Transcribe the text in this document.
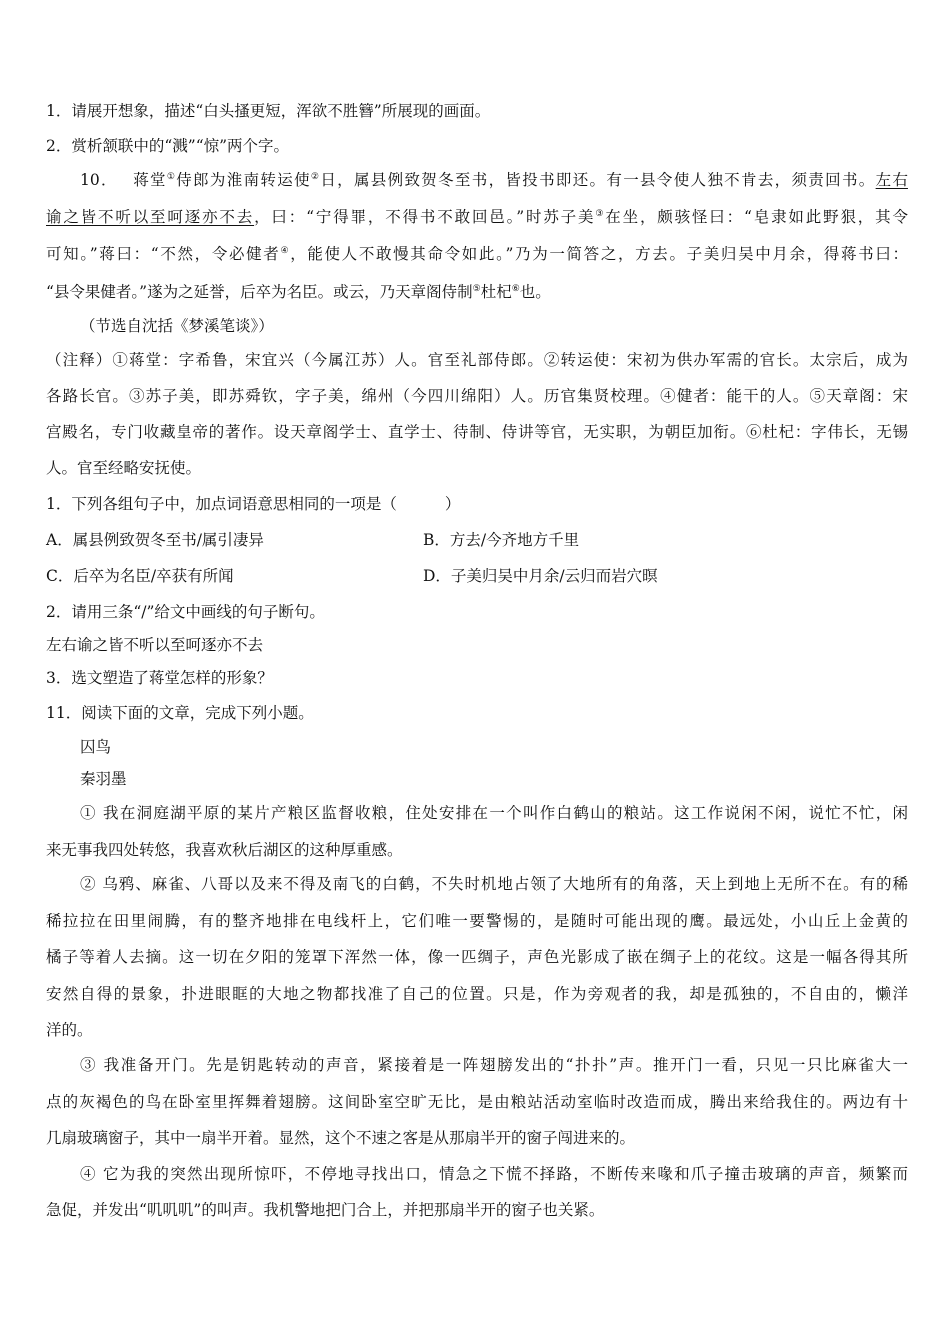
1．请展开想象，描述“白头搔更短，浑欲不胜簪”所展现的画面。
2．赏析颔联中的“溅”“惊”两个字。
10． 蒋堂①侍郎为淮南转运使②日，属县例致贺冬至书，皆投书即还。有一县令使人独不肯去，须责回书。左右
谕之皆不听以至呵逐亦不去，曰：“宁得罪，不得书不敢回邑。”时苏子美③在坐，颇骇怪曰：“皂隶如此野狠，其令
可知。”蒋曰：“不然，令必健者④，能使人不敢慢其命令如此。”乃为一简答之，方去。子美归吴中月余，得蒋书曰：
“县令果健者。”遂为之延誉，后卒为名臣。或云，乃天章阁侍制⑤杜杞⑥也。
（节选自沈括《梦溪笔谈》）
（注释）①蒋堂：字希鲁，宋宜兴（今属江苏）人。官至礼部侍郎。②转运使：宋初为供办军需的官长。太宗后，成为
各路长官。③苏子美，即苏舜钦，字子美，绵州（今四川绵阳）人。历官集贤校理。④健者：能干的人。⑤天章阁：宋
宫殿名，专门收藏皇帝的著作。设天章阁学士、直学士、待制、侍讲等官，无实职，为朝臣加衔。⑥杜杞：字伟长，无锡
人。官至经略安抚使。
1．下列各组句子中，加点词语意思相同的一项是（	）
A．属县例致贺冬至书/属引凄异	B．方去/今齐地方千里
C．后卒为名臣/卒获有所闻	D．子美归吴中月余/云归而岩穴暝
2．请用三条“/”给文中画线的句子断句。
左右谕之皆不听以至呵逐亦不去
3．选文塑造了蒋堂怎样的形象？
11．阅读下面的文章，完成下列小题。
囚鸟
秦羽墨
① 我在洞庭湖平原的某片产粮区监督收粮，住处安排在一个叫作白鹤山的粮站。这工作说闲不闲，说忙不忙，闲
来无事我四处转悠，我喜欢秋后湖区的这种厚重感。
② 乌鸦、麻雀、八哥以及来不得及南飞的白鹤，不失时机地占领了大地所有的角落，天上到地上无所不在。有的稀
稀拉拉在田里闹腾，有的整齐地排在电线杆上，它们唯一要警惕的，是随时可能出现的鹰。最远处，小山丘上金黄的
橘子等着人去摘。这一切在夕阳的笼罩下浑然一体，像一匹绸子，声色光影成了嵌在绸子上的花纹。这是一幅各得其所
安然自得的景象，扑进眼眶的大地之物都找准了自己的位置。只是，作为旁观者的我，却是孤独的，不自由的，懒洋
洋的。
③ 我准备开门。先是钥匙转动的声音，紧接着是一阵翅膀发出的“扑扑”声。推开门一看，只见一只比麻雀大一
点的灰褐色的鸟在卧室里挥舞着翅膀。这间卧室空旷无比，是由粮站活动室临时改造而成，腾出来给我住的。两边有十
几扇玻璃窗子，其中一扇半开着。显然，这个不速之客是从那扇半开的窗子闯进来的。
④ 它为我的突然出现所惊吓，不停地寻找出口，情急之下慌不择路，不断传来喙和爪子撞击玻璃的声音，频繁而
急促，并发出“叽叽叽”的叫声。我机警地把门合上，并把那扇半开的窗子也关紧。
